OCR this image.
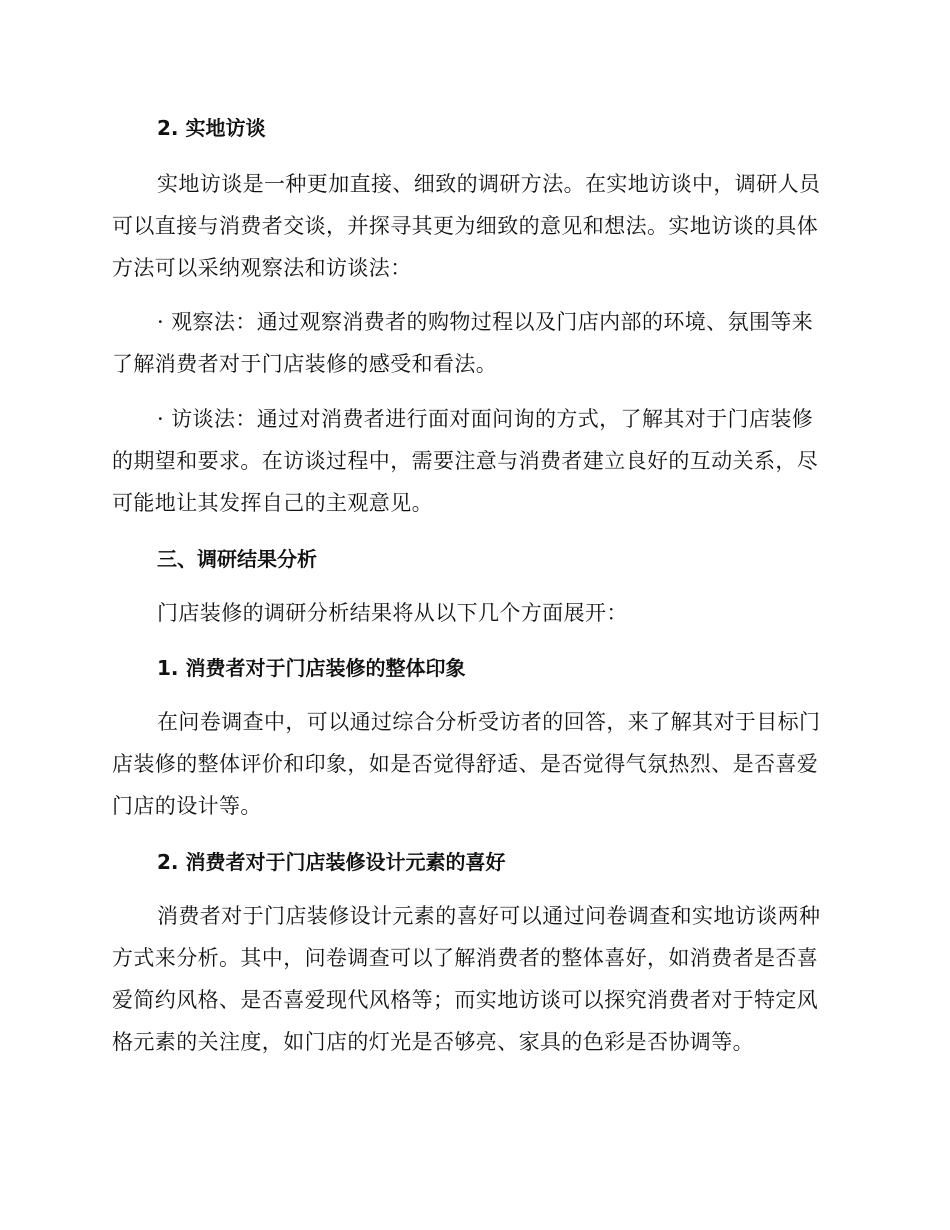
2. 实地访谈
实地访谈是一种更加直接、细致的调研方法。在实地访谈中，调研人员可以直接与消费者交谈，并探寻其更为细致的意见和想法。实地访谈的具体方法可以采纳观察法和访谈法：
· 观察法：通过观察消费者的购物过程以及门店内部的环境、氛围等来了解消费者对于门店装修的感受和看法。
· 访谈法：通过对消费者进行面对面问询的方式，了解其对于门店装修的期望和要求。在访谈过程中，需要注意与消费者建立良好的互动关系，尽可能地让其发挥自己的主观意见。
三、调研结果分析
门店装修的调研分析结果将从以下几个方面展开：
1. 消费者对于门店装修的整体印象
在问卷调查中，可以通过综合分析受访者的回答，来了解其对于目标门店装修的整体评价和印象，如是否觉得舒适、是否觉得气氛热烈、是否喜爱门店的设计等。
2. 消费者对于门店装修设计元素的喜好
消费者对于门店装修设计元素的喜好可以通过问卷调查和实地访谈两种方式来分析。其中，问卷调查可以了解消费者的整体喜好，如消费者是否喜爱简约风格、是否喜爱现代风格等；而实地访谈可以探究消费者对于特定风格元素的关注度，如门店的灯光是否够亮、家具的色彩是否协调等。
